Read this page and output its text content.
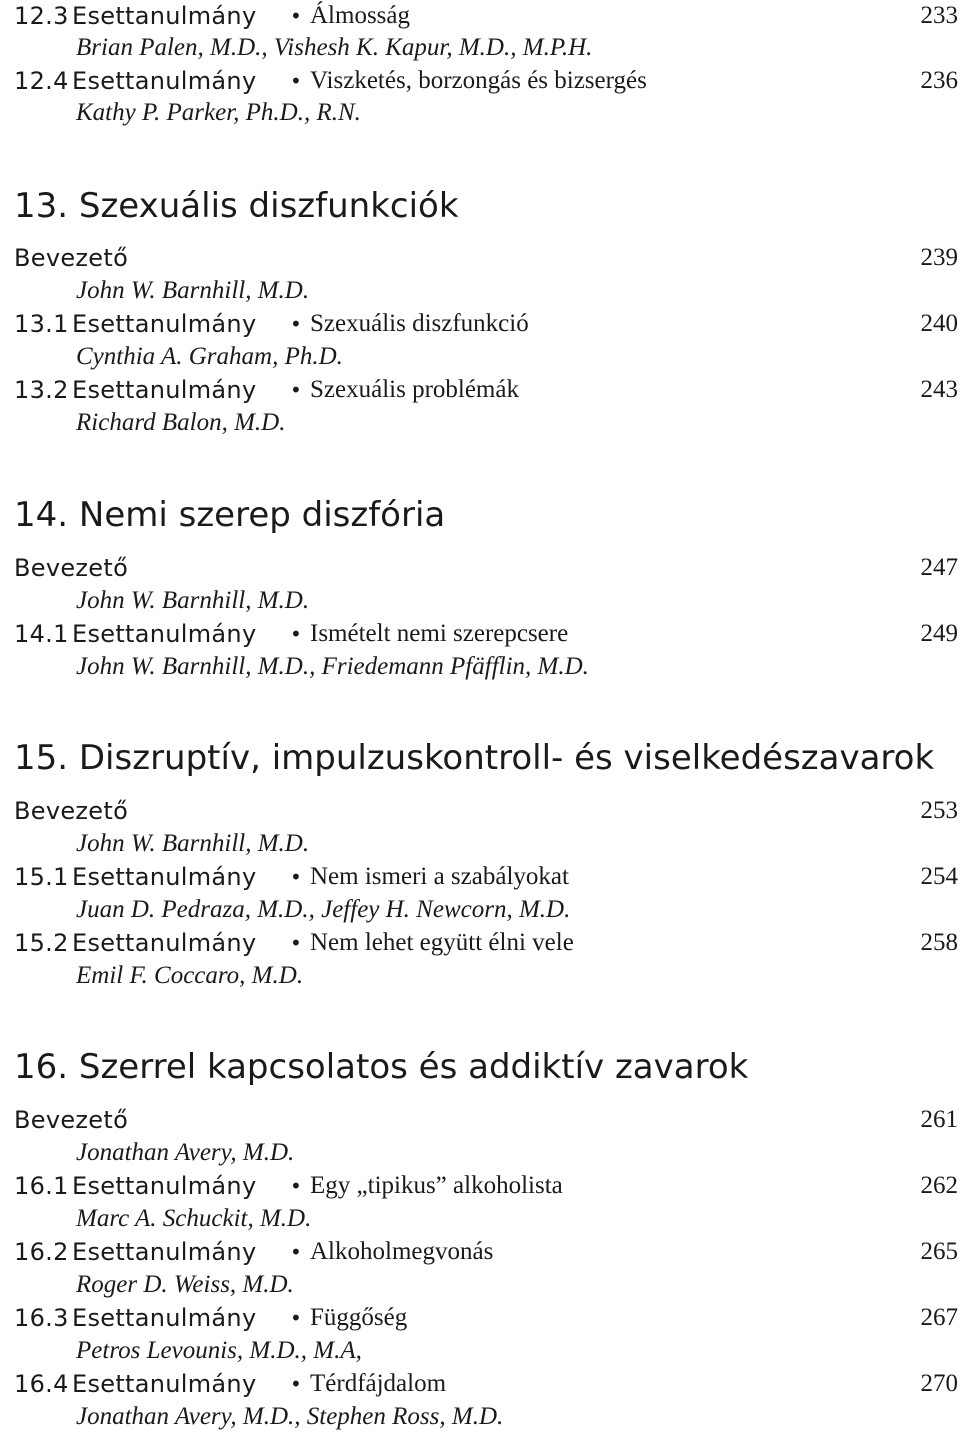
12.3 Esettanulmány • Álmosság	233
Brian Palen, M.D., Vishesh K. Kapur, M.D., M.P.H.
12.4 Esettanulmány • Viszketés, borzongás és bizsergés	236
Kathy P. Parker, Ph.D., R.N.
13. Szexuális diszfunkciók
Bevezető	239
John W. Barnhill, M.D.
13.1 Esettanulmány • Szexuális diszfunkció	240
Cynthia A. Graham, Ph.D.
13.2 Esettanulmány • Szexuális problémák	243
Richard Balon, M.D.
14. Nemi szerep diszfória
Bevezető	247
John W. Barnhill, M.D.
14.1 Esettanulmány • Ismételt nemi szerepcsere	249
John W. Barnhill, M.D., Friedemann Pfäfflin, M.D.
15. Diszruptív, impulzuskontroll- és viselkedészavarok
Bevezető	253
John W. Barnhill, M.D.
15.1 Esettanulmány • Nem ismeri a szabályokat	254
Juan D. Pedraza, M.D., Jeffey H. Newcorn, M.D.
15.2 Esettanulmány • Nem lehet együtt élni vele	258
Emil F. Coccaro, M.D.
16. Szerrel kapcsolatos és addiktív zavarok
Bevezető	261
Jonathan Avery, M.D.
16.1 Esettanulmány • Egy „tipikus” alkoholista	262
Marc A. Schuckit, M.D.
16.2 Esettanulmány • Alkoholmegvonás	265
Roger D. Weiss, M.D.
16.3 Esettanulmány • Függőség	267
Petros Levounis, M.D., M.A,
16.4 Esettanulmány • Térdfájdalom	270
Jonathan Avery, M.D., Stephen Ross, M.D.
